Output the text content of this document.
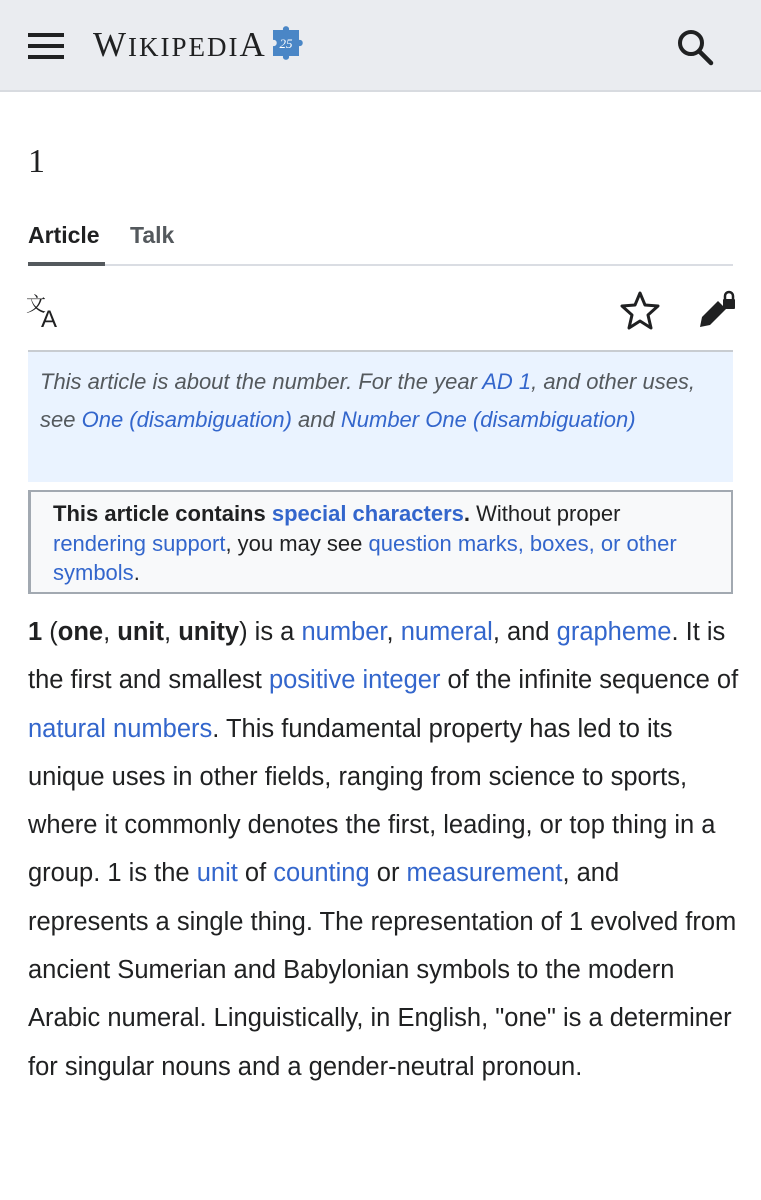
WIKIPEDIA 25
1
Article Talk
文
A
This article is about the number. For the year AD 1, and other uses, see One (disambiguation) and Number One (disambiguation)
This article contains special characters. Without proper rendering support, you may see question marks, boxes, or other symbols.

1 (one, unit, unity) is a number, numeral, and grapheme. It is the first and smallest positive integer of the infinite sequence of natural numbers. This fundamental property has led to its unique uses in other fields, ranging from science to sports, where it commonly denotes the first, leading, or top thing in a group. 1 is the unit of counting or measurement, and represents a single thing. The representation of 1 evolved from ancient Sumerian and Babylonian symbols to the modern Arabic numeral. Linguistically, in English, "one" is a determiner for singular nouns and a gender-neutral pronoun.
